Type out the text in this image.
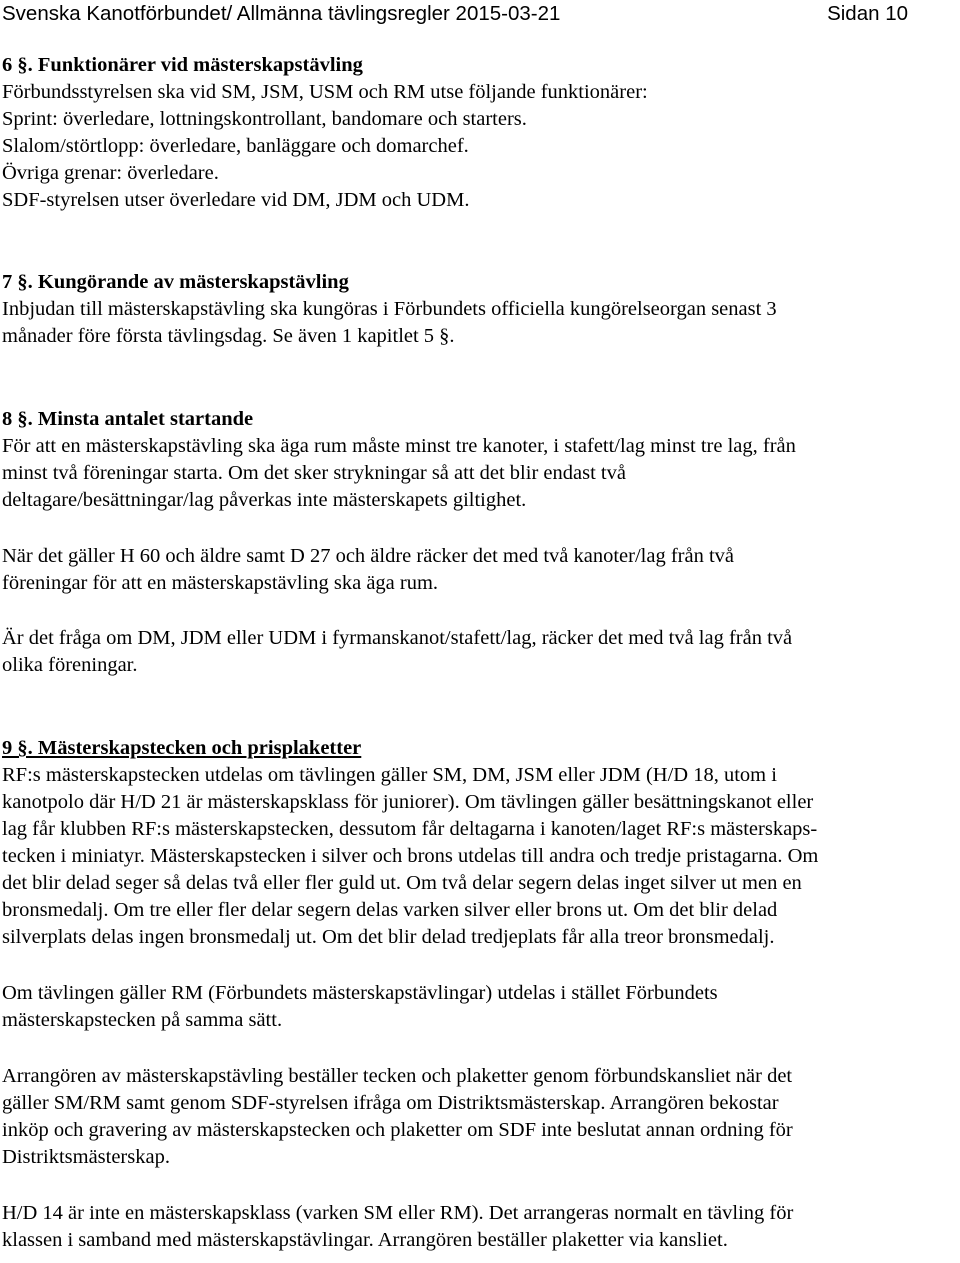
Svenska Kanotförbundet/ Allmänna tävlingsregler 2015-03-21	Sidan 10
6 §. Funktionärer vid mästerskapstävling
Förbundsstyrelsen ska vid SM, JSM, USM och RM utse följande funktionärer:
Sprint: överledare, lottningskontrollant, bandomare och starters.
Slalom/störtlopp: överledare, banläggare och domarchef.
Övriga grenar: överledare.
SDF-styrelsen utser överledare vid DM, JDM och UDM.
7 §. Kungörande av mästerskapstävling
Inbjudan till mästerskapstävling ska kungöras i Förbundets officiella kungörelseorgan senast 3
månader före första tävlingsdag. Se även 1 kapitlet 5 §.
8 §. Minsta antalet startande
För att en mästerskapstävling ska äga rum måste minst tre kanoter, i stafett/lag minst tre lag, från
minst två föreningar starta. Om det sker strykningar så att det blir endast två
deltagare/besättningar/lag påverkas inte mästerskapets giltighet.
När det gäller H 60 och äldre samt D 27 och äldre räcker det med två kanoter/lag från två
föreningar för att en mästerskapstävling ska äga rum.
Är det fråga om DM, JDM eller UDM i fyrmanskanot/stafett/lag, räcker det med två lag från två
olika föreningar.
9 §. Mästerskapstecken och prisplaketter
RF:s mästerskapstecken utdelas om tävlingen gäller SM, DM, JSM eller JDM (H/D 18, utom i
kanotpolo där H/D 21 är mästerskapsklass för juniorer). Om tävlingen gäller besättningskanot eller
lag får klubben RF:s mästerskapstecken, dessutom får deltagarna i kanoten/laget RF:s mästerskaps-
tecken i miniatyr. Mästerskapstecken i silver och brons utdelas till andra och tredje pristagarna. Om
det blir delad seger så delas två eller fler guld ut. Om två delar segern delas inget silver ut men en
bronsmedalj. Om tre eller fler delar segern delas varken silver eller brons ut. Om det blir delad
silverplats delas ingen bronsmedalj ut. Om det blir delad tredjeplats får alla treor bronsmedalj.
Om tävlingen gäller RM (Förbundets mästerskapstävlingar) utdelas i stället Förbundets
mästerskapstecken på samma sätt.
Arrangören av mästerskapstävling beställer tecken och plaketter genom förbundskansliet när det
gäller SM/RM samt genom SDF-styrelsen ifråga om Distriktsmästerskap. Arrangören bekostar
inköp och gravering av mästerskapstecken och plaketter om SDF inte beslutat annan ordning för
Distriktsmästerskap.
H/D 14 är inte en mästerskapsklass (varken SM eller RM). Det arrangeras normalt en tävling för
klassen i samband med mästerskapstävlingar. Arrangören beställer plaketter via kansliet.
